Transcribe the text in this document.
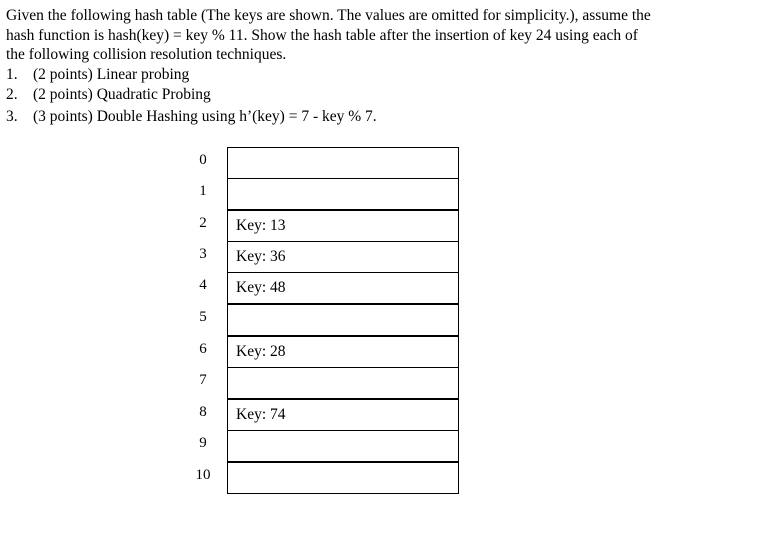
Given the following hash table (The keys are shown. The values are omitted for simplicity.), assume the

hash function is hash(key) = key % 11. Show the hash table after the insertion of key 24 using each of

the following collision resolution techniques.

1. (2 points) Linear probing
2. (2 points) Quadratic Probing
3. (3 points) Double Hashing using h’(key) = 7 - key % 7.
0
1
2
3
4
5
6
7
8
9
10
Key: 13
Key: 36
Key: 48
Key: 28
Key: 74
